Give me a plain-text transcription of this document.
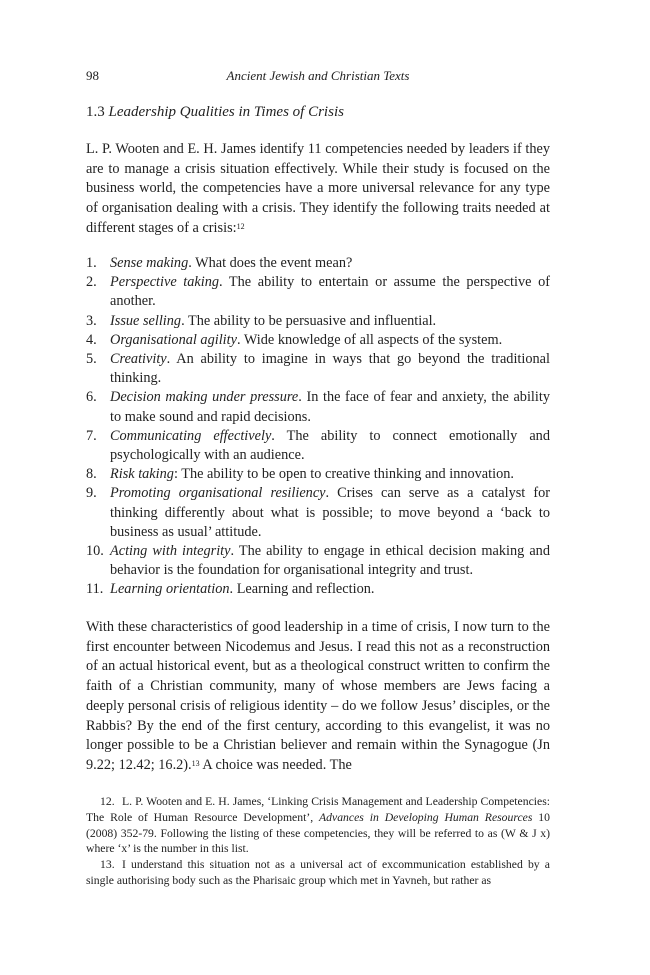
98	Ancient Jewish and Christian Texts
1.3 Leadership Qualities in Times of Crisis

L. P. Wooten and E. H. James identify 11 competencies needed by leaders if they are to manage a crisis situation effectively. While their study is focused on the business world, the competencies have a more universal relevance for any type of organisation dealing with a crisis. They identify the following traits needed at different stages of a crisis:$^{12}$

1. Sense making. What does the event mean?
2. Perspective taking. The ability to entertain or assume the perspective of another.
3. Issue selling. The ability to be persuasive and influential.
4. Organisational agility. Wide knowledge of all aspects of the system.
5. Creativity. An ability to imagine in ways that go beyond the traditional thinking.
6. Decision making under pressure. In the face of fear and anxiety, the ability to make sound and rapid decisions.
7. Communicating effectively. The ability to connect emotionally and psychologically with an audience.
8. Risk taking: The ability to be open to creative thinking and innovation.
9. Promoting organisational resiliency. Crises can serve as a catalyst for thinking differently about what is possible; to move beyond a ‘back to business as usual’ attitude.
10. Acting with integrity. The ability to engage in ethical decision making and behavior is the foundation for organisational integrity and trust.
11. Learning orientation. Learning and reflection.

With these characteristics of good leadership in a time of crisis, I now turn to the first encounter between Nicodemus and Jesus. I read this not as a reconstruction of an actual historical event, but as a theological construct written to confirm the faith of a Christian community, many of whose members are Jews facing a deeply personal crisis of religious identity – do we follow Jesus’ disciples, or the Rabbis? By the end of the first century, according to this evangelist, it was no longer possible to be a Christian believer and remain within the Synagogue (Jn 9.22; 12.42; 16.2).$^{13}$ A choice was needed. The

12. L. P. Wooten and E. H. James, ‘Linking Crisis Management and Leadership Competencies: The Role of Human Resource Development’, Advances in Developing Human Resources 10 (2008) 352-79. Following the listing of these competencies, they will be referred to as (W & J x) where ‘x’ is the number in this list.

13. I understand this situation not as a universal act of excommunication established by a single authorising body such as the Pharisaic group which met in Yavneh, but rather as
